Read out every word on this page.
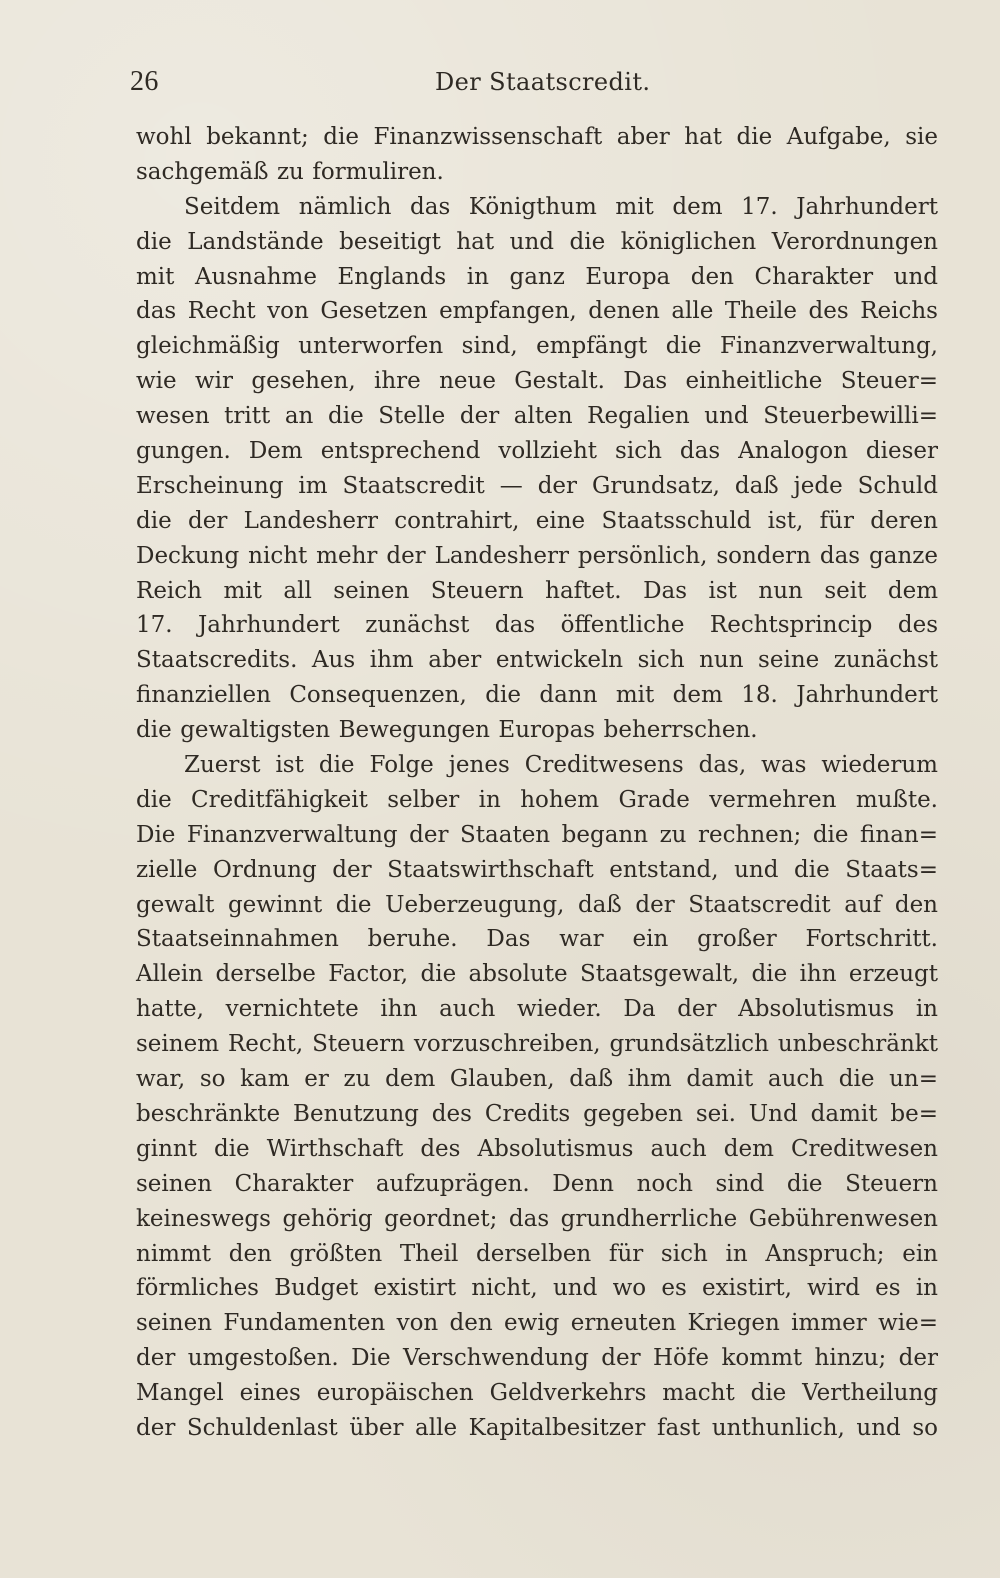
26	Der Staatscredit.
wohl bekannt; die Finanzwissenschaft aber hat die Aufgabe, sie
sachgemäß zu formuliren.
Seitdem nämlich das Königthum mit dem 17. Jahrhundert
die Landstände beseitigt hat und die königlichen Verordnungen
mit Ausnahme Englands in ganz Europa den Charakter und
das Recht von Gesetzen empfangen, denen alle Theile des Reichs
gleichmäßig unterworfen sind, empfängt die Finanzverwaltung,
wie wir gesehen, ihre neue Gestalt. Das einheitliche Steuer=
wesen tritt an die Stelle der alten Regalien und Steuerbewilli=
gungen. Dem entsprechend vollzieht sich das Analogon dieser
Erscheinung im Staatscredit — der Grundsatz, daß jede Schuld
die der Landesherr contrahirt, eine Staatsschuld ist, für deren
Deckung nicht mehr der Landesherr persönlich, sondern das ganze
Reich mit all seinen Steuern haftet. Das ist nun seit dem
17. Jahrhundert zunächst das öffentliche Rechtsprincip des
Staatscredits. Aus ihm aber entwickeln sich nun seine zunächst
finanziellen Consequenzen, die dann mit dem 18. Jahrhundert
die gewaltigsten Bewegungen Europas beherrschen.
Zuerst ist die Folge jenes Creditwesens das, was wiederum
die Creditfähigkeit selber in hohem Grade vermehren mußte.
Die Finanzverwaltung der Staaten begann zu rechnen; die finan=
zielle Ordnung der Staatswirthschaft entstand, und die Staats=
gewalt gewinnt die Ueberzeugung, daß der Staatscredit auf den
Staatseinnahmen beruhe. Das war ein großer Fortschritt.
Allein derselbe Factor, die absolute Staatsgewalt, die ihn erzeugt
hatte, vernichtete ihn auch wieder. Da der Absolutismus in
seinem Recht, Steuern vorzuschreiben, grundsätzlich unbeschränkt
war, so kam er zu dem Glauben, daß ihm damit auch die un=
beschränkte Benutzung des Credits gegeben sei. Und damit be=
ginnt die Wirthschaft des Absolutismus auch dem Creditwesen
seinen Charakter aufzuprägen. Denn noch sind die Steuern
keineswegs gehörig geordnet; das grundherrliche Gebührenwesen
nimmt den größten Theil derselben für sich in Anspruch; ein
förmliches Budget existirt nicht, und wo es existirt, wird es in
seinen Fundamenten von den ewig erneuten Kriegen immer wie=
der umgestoßen. Die Verschwendung der Höfe kommt hinzu; der
Mangel eines europäischen Geldverkehrs macht die Vertheilung
der Schuldenlast über alle Kapitalbesitzer fast unthunlich, und so
